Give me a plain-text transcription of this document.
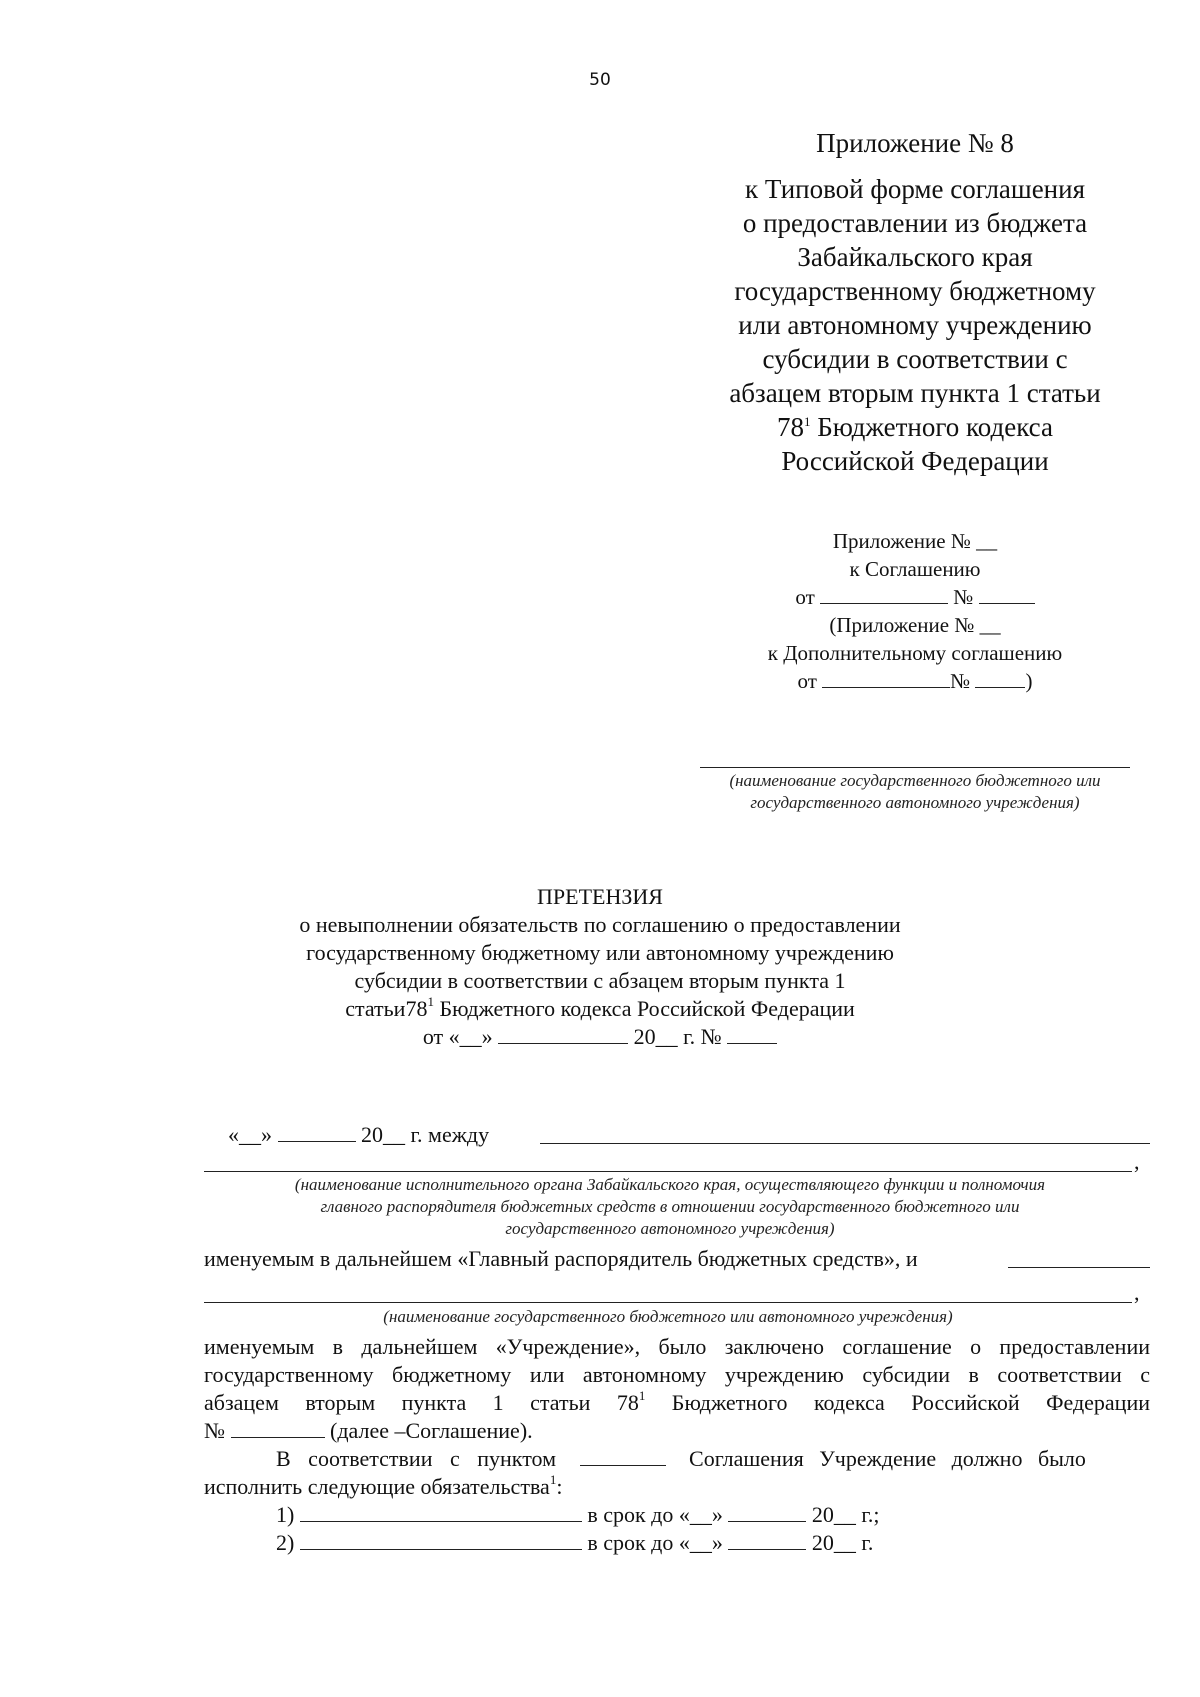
50
Приложение № 8
к Типовой форме соглашения
о предоставлении из бюджета
Забайкальского края
государственному бюджетному
или автономному учреждению
субсидии в соответствии с
абзацем вторым пункта 1 статьи
$78^1$ Бюджетного кодекса
Российской Федерации
Приложение № __
к Соглашению
от	№
(Приложение № __
к Дополнительному соглашению
от	№	)
(наименование государственного бюджетного или
государственного автономного учреждения)
ПРЕТЕНЗИЯ
о невыполнении обязательств по соглашению о предоставлении
государственному бюджетному или автономному учреждению
субсидии в соответствии с абзацем вторым пункта 1
$статьи78^1$ Бюджетного кодекса Российской Федерации
от «__»	20__ г. №
«__»	20__ г. между
,
(наименование исполнительного органа Забайкальского края, осуществляющего функции и полномочия
главного распорядителя бюджетных средств в отношении государственного бюджетного или
государственного автономного учреждения)
именуемым в дальнейшем «Главный распорядитель бюджетных средств», и
,
(наименование государственного бюджетного или автономного учреждения)
именуемым в дальнейшем «Учреждение», было заключено соглашение о предоставлении
государственному бюджетному или автономному учреждению субсидии в соответствии с
абзацем вторым пункта 1 статьи $78^1$ Бюджетного кодекса Российской Федерации
№	(далее –Соглашение).
В соответствии с пунктом	Соглашения Учреждение должно было
исполнить следующие обязательства$^1$:
1)	в срок до «__»	20__ г.;
2)	в срок до «__»	20__ г.
